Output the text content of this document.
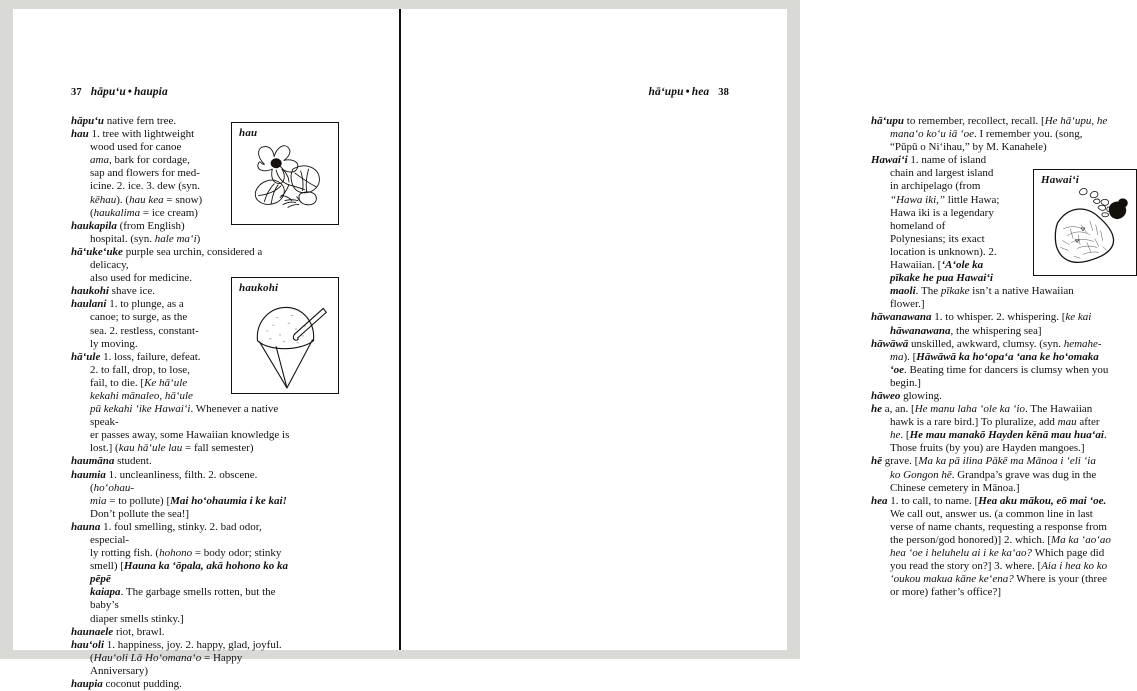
37 hāpu‘u • haupia

hāpu‘u native fern tree.

hau 1. tree with lightweight
wood used for canoe
ama, bark for cordage,
sap and flowers for med-
icine. 2. ice. 3. dew (syn.
kēhau). (hau kea = snow)
(haukalima = ice cream)

haukapila (from English)
hospital. (syn. hale ma‘i)

hā‘uke‘uke purple sea urchin, considered a delicacy,
also used for medicine.

haukohi shave ice.

haulani 1. to plunge, as a
canoe; to surge, as the
sea. 2. restless, constant-
ly moving.

hā‘ule 1. loss, failure, defeat.
2. to fall, drop, to lose,
fail, to die. [Ke hā‘ule
kekahi mānaleo, hā‘ule
pū kekahi ‘ike Hawai‘i. Whenever a native speak-
er passes away, some Hawaiian knowledge is
lost.] (kau hā‘ule lau = fall semester)

haumāna student.

haumia 1. uncleanliness, filth. 2. obscene. (ho‘ohau-
mia = to pollute) [Mai ho‘ohaumia i ke kai!
Don’t pollute the sea!]

hauna 1. foul smelling, stinky. 2. bad odor, especial-
ly rotting fish. (hohono = body odor; stinky
smell) [Hauna ka ‘ōpala, akā hohono ko ka pēpē
kaiapa. The garbage smells rotten, but the baby’s
diaper smells stinky.]

haunaele riot, brawl.

hau‘oli 1. happiness, joy. 2. happy, glad, joyful.
(Hau‘oli Lā Ho‘omana‘o = Happy Anniversary)

haupia coconut pudding.

hau
haukohi
hā‘upu • hea 38

hā‘upu to remember, recollect, recall. [He hā‘upu, he
mana‘o ko‘u iā ‘oe. I remember you. (song,
“Pūpū o Ni‘ihau,” by M. Kanahele)

Hawai‘i 1. name of island
chain and largest island
in archipelago (from
“Hawa iki,” little Hawa;
Hawa iki is a legendary
homeland of
Polynesians; its exact
location is unknown). 2.
Hawaiian. [‘A‘ole ka
pīkake he pua Hawai‘i
maoli. The pīkake isn’t a native Hawaiian
flower.]

hāwanawana 1. to whisper. 2. whispering. [ke kai
hāwanawana, the whispering sea]

hāwāwā unskilled, awkward, clumsy. (syn. hemahe-
ma). [Hāwāwā ka ho‘opa‘a ‘ana ke ho‘omaka
‘oe. Beating time for dancers is clumsy when you
begin.]

hāweo glowing.

he a, an. [He manu laha ‘ole ka ‘io. The Hawaiian
hawk is a rare bird.] To pluralize, add mau after
he. [He mau manakō Hayden kēnā mau hua‘ai.
Those fruits (by you) are Hayden mangoes.]

hē grave. [Ma ka pā ilina Pākē ma Mānoa i ‘eli ‘ia
ko Gongon hē. Grandpa’s grave was dug in the
Chinese cemetery in Mānoa.]

hea 1. to call, to name. [Hea aku mākou, eō mai ‘oe.
We call out, answer us. (a common line in last
verse of name chants, requesting a response from
the person/god honored)] 2. which. [Ma ka ‘ao‘ao
hea ‘oe i heluhelu ai i ke ka‘ao? Which page did
you read the story on?] 3. where. [Aia i hea ko ko
‘oukou makua kāne ke‘ena? Where is your (three
or more) father’s office?]

Hawai‘i
